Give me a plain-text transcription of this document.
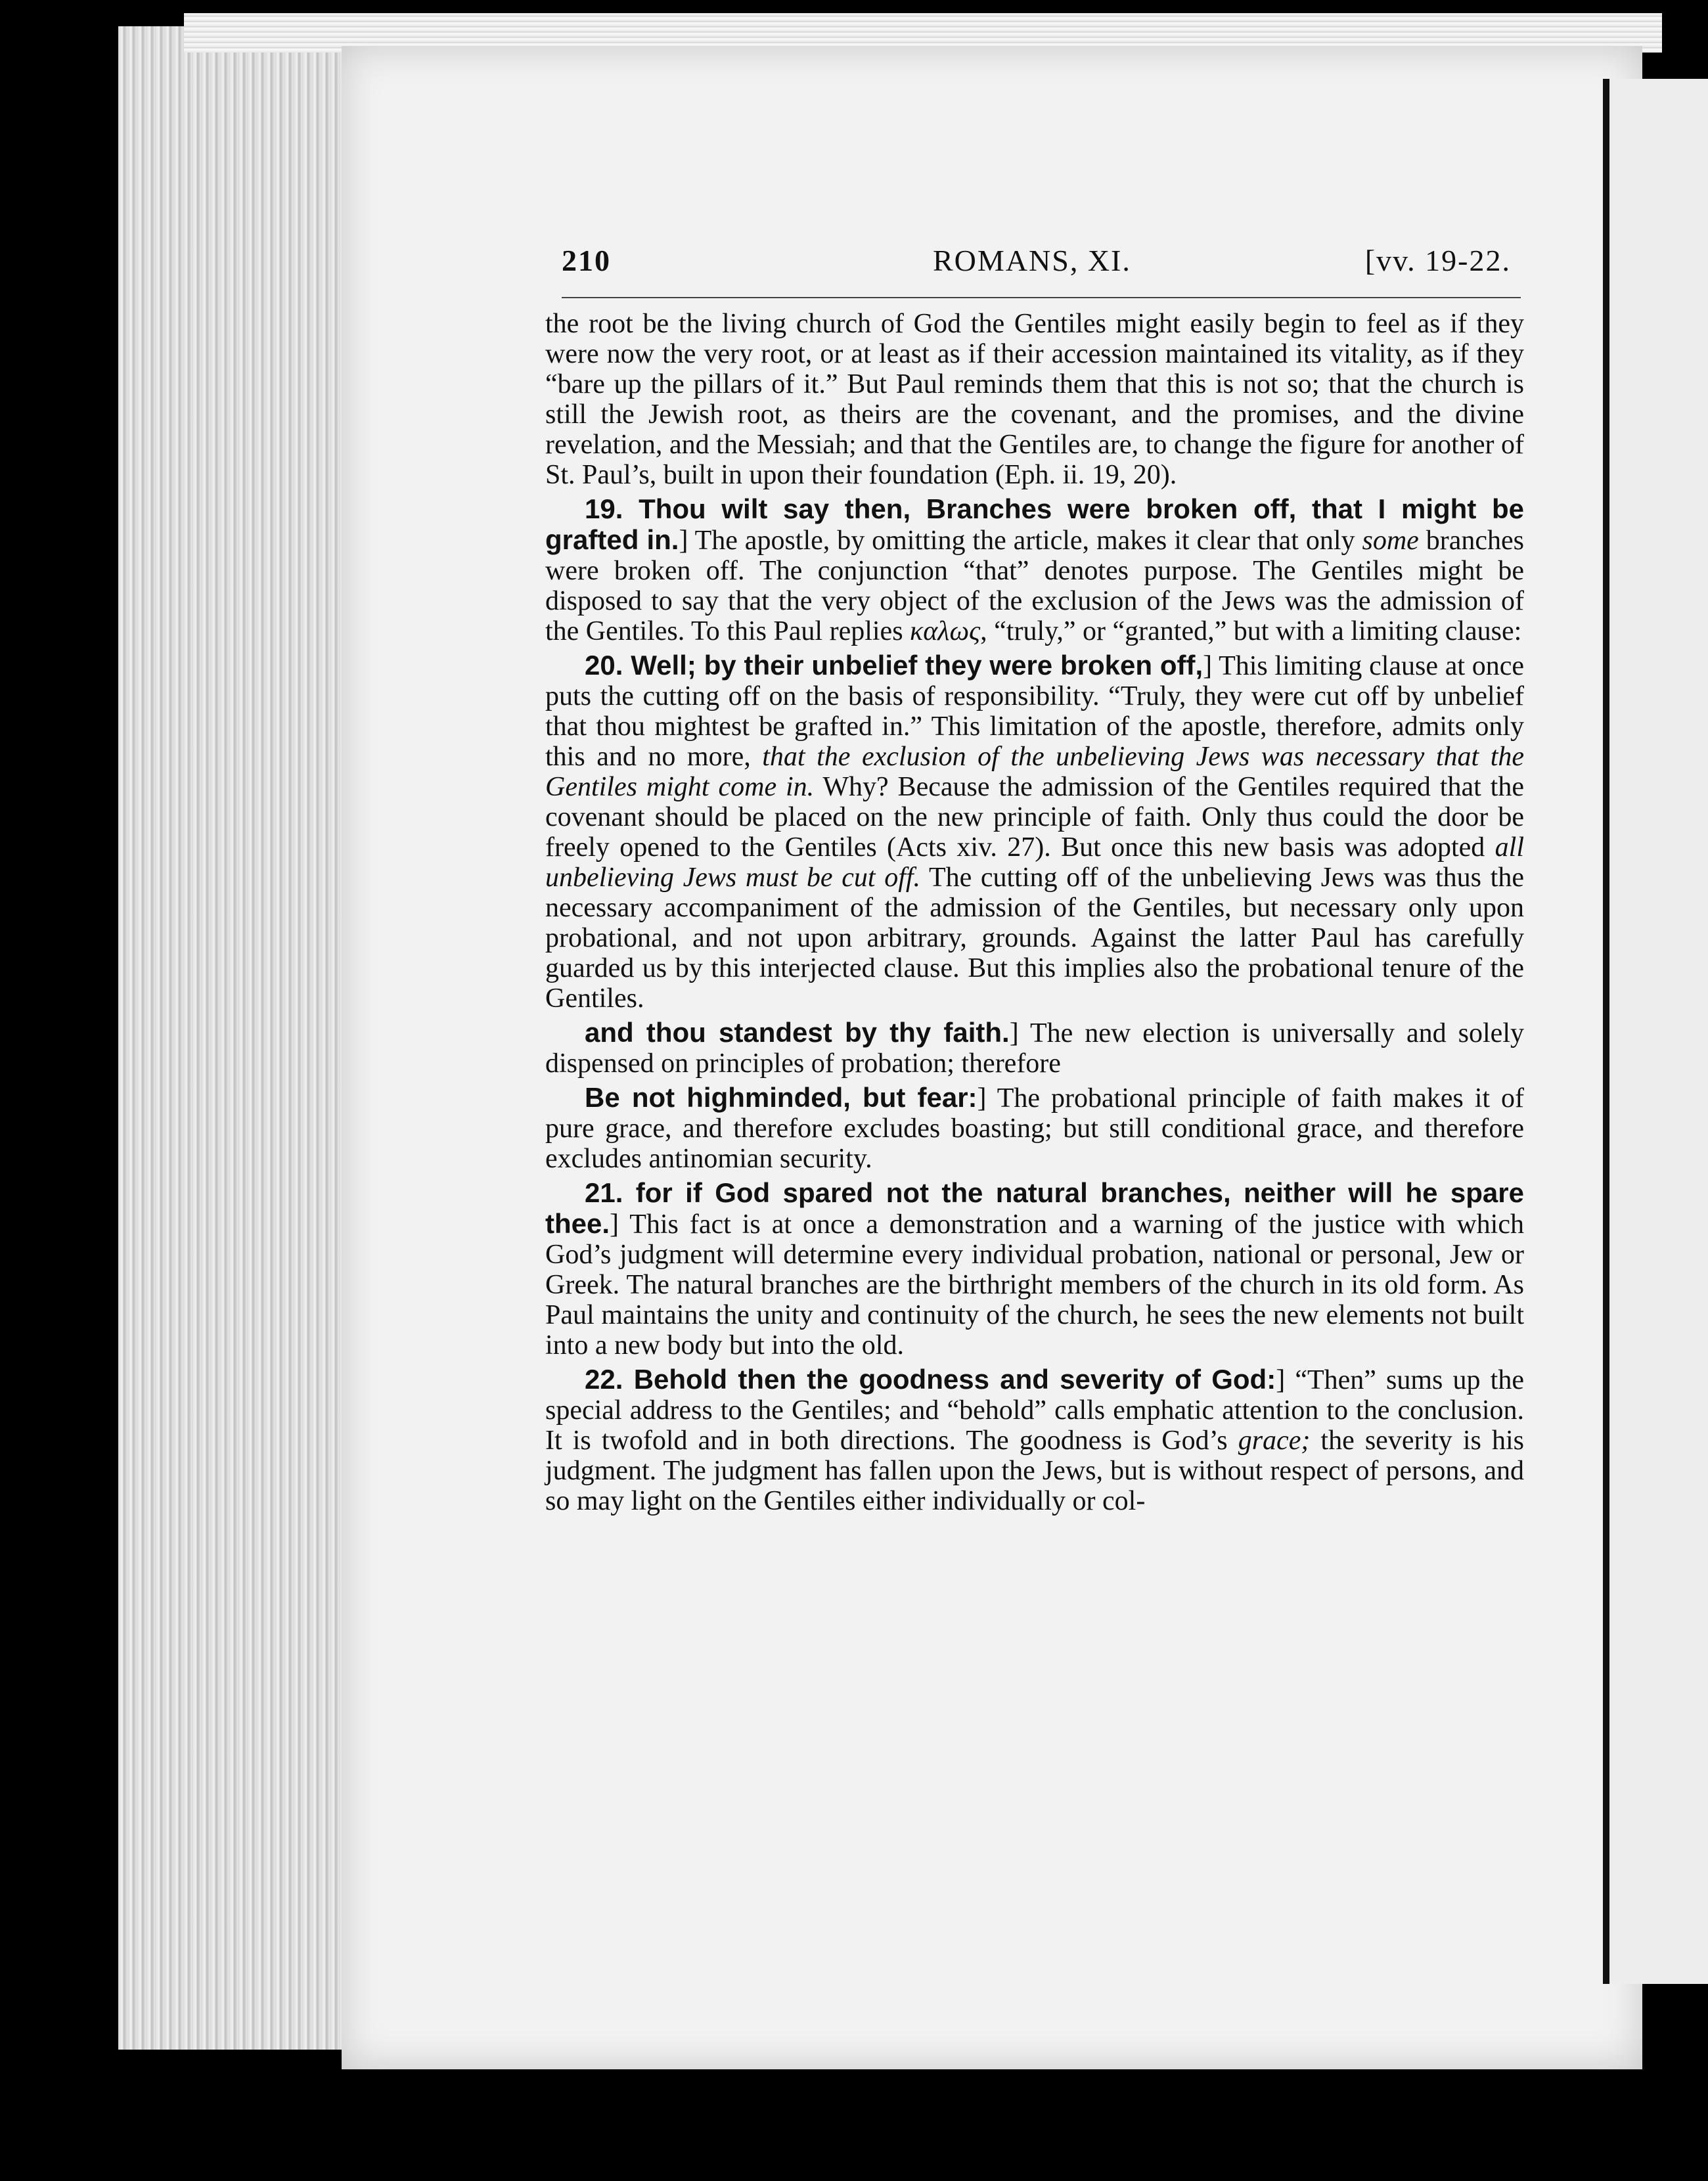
210	ROMANS, XI.	[vv. 19-22.

the root be the living church of God the Gentiles might easily begin to feel as if they were now the very root, or at least as if their accession maintained its vitality, as if they “bare up the pillars of it.” But Paul reminds them that this is not so; that the church is still the Jewish root, as theirs are the covenant, and the promises, and the divine revelation, and the Messiah; and that the Gentiles are, to change the figure for another of St. Paul’s, built in upon their foundation (Eph. ii. 19, 20).

19. Thou wilt say then, Branches were broken off, that I might be grafted in.] The apostle, by omitting the article, makes it clear that only some branches were broken off. The conjunction “that” denotes purpose. The Gentiles might be disposed to say that the very object of the exclusion of the Jews was the admission of the Gentiles. To this Paul replies καλως, “truly,” or “granted,” but with a limiting clause:

20. Well; by their unbelief they were broken off,] This limiting clause at once puts the cutting off on the basis of responsibility. “Truly, they were cut off by unbelief that thou mightest be grafted in.” This limitation of the apostle, therefore, admits only this and no more, that the exclusion of the unbelieving Jews was necessary that the Gentiles might come in. Why? Because the admission of the Gentiles required that the covenant should be placed on the new principle of faith. Only thus could the door be freely opened to the Gentiles (Acts xiv. 27). But once this new basis was adopted all unbelieving Jews must be cut off. The cutting off of the unbelieving Jews was thus the necessary accompaniment of the admission of the Gentiles, but necessary only upon probational, and not upon arbitrary, grounds. Against the latter Paul has carefully guarded us by this interjected clause. But this implies also the probational tenure of the Gentiles.

and thou standest by thy faith.] The new election is universally and solely dispensed on principles of probation; therefore

Be not highminded, but fear:] The probational principle of faith makes it of pure grace, and therefore excludes boasting; but still conditional grace, and therefore excludes antinomian security.

21. for if God spared not the natural branches, neither will he spare thee.] This fact is at once a demonstration and a warning of the justice with which God’s judgment will determine every individual probation, national or personal, Jew or Greek. The natural branches are the birthright members of the church in its old form. As Paul maintains the unity and continuity of the church, he sees the new elements not built into a new body but into the old.

22. Behold then the goodness and severity of God:] “Then” sums up the special address to the Gentiles; and “behold” calls emphatic attention to the conclusion. It is twofold and in both directions. The goodness is God’s grace; the severity is his judgment. The judgment has fallen upon the Jews, but is without respect of persons, and so may light on the Gentiles either individually or col-
